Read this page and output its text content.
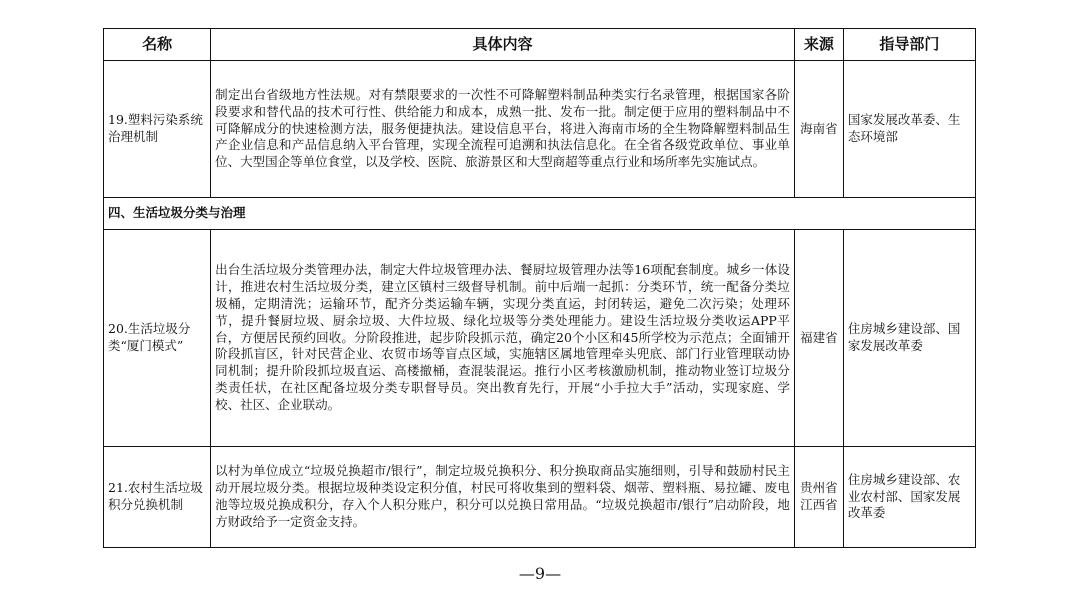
名称	具体内容	来源	指导部门
19.塑料污染系统治理机制	制定出台省级地方性法规。对有禁限要求的一次性不可降解塑料制品种类实行名录管理，根据国家各阶段要求和替代品的技术可行性、供给能力和成本，成熟一批、发布一批。制定便于应用的塑料制品中不可降解成分的快速检测方法，服务便捷执法。建设信息平台，将进入海南市场的全生物降解塑料制品生产企业信息和产品信息纳入平台管理，实现全流程可追溯和执法信息化。在全省各级党政单位、事业单位、大型国企等单位食堂，以及学校、医院、旅游景区和大型商超等重点行业和场所率先实施试点。	海南省	国家发展改革委、生态环境部
四、生活垃圾分类与治理			
20.生活垃圾分类“厦门模式”	出台生活垃圾分类管理办法，制定大件垃圾管理办法、餐厨垃圾管理办法等16项配套制度。城乡一体设计，推进农村生活垃圾分类，建立区镇村三级督导机制。前中后端一起抓：分类环节，统一配备分类垃圾桶，定期清洗；运输环节，配齐分类运输车辆，实现分类直运，封闭转运，避免二次污染；处理环节，提升餐厨垃圾、厨余垃圾、大件垃圾、绿化垃圾等分类处理能力。建设生活垃圾分类收运APP平台，方便居民预约回收。分阶段推进，起步阶段抓示范，确定20个小区和45所学校为示范点；全面铺开阶段抓盲区，针对民营企业、农贸市场等盲点区域，实施辖区属地管理牵头兜底、部门行业管理联动协同机制；提升阶段抓垃圾直运、高楼撤桶，查混装混运。推行小区考核激励机制，推动物业签订垃圾分类责任状，在社区配备垃圾分类专职督导员。突出教育先行，开展“小手拉大手”活动，实现家庭、学校、社区、企业联动。	福建省	住房城乡建设部、国家发展改革委
21.农村生活垃圾积分兑换机制	以村为单位成立“垃圾兑换超市/银行”，制定垃圾兑换积分、积分换取商品实施细则，引导和鼓励村民主动开展垃圾分类。根据垃圾种类设定积分值，村民可将收集到的塑料袋、烟蒂、塑料瓶、易拉罐、废电池等垃圾兑换成积分，存入个人积分账户，积分可以兑换日常用品。“垃圾兑换超市/银行”启动阶段，地方财政给予一定资金支持。	贵州省江西省	住房城乡建设部、农业农村部、国家发展改革委
—9—
